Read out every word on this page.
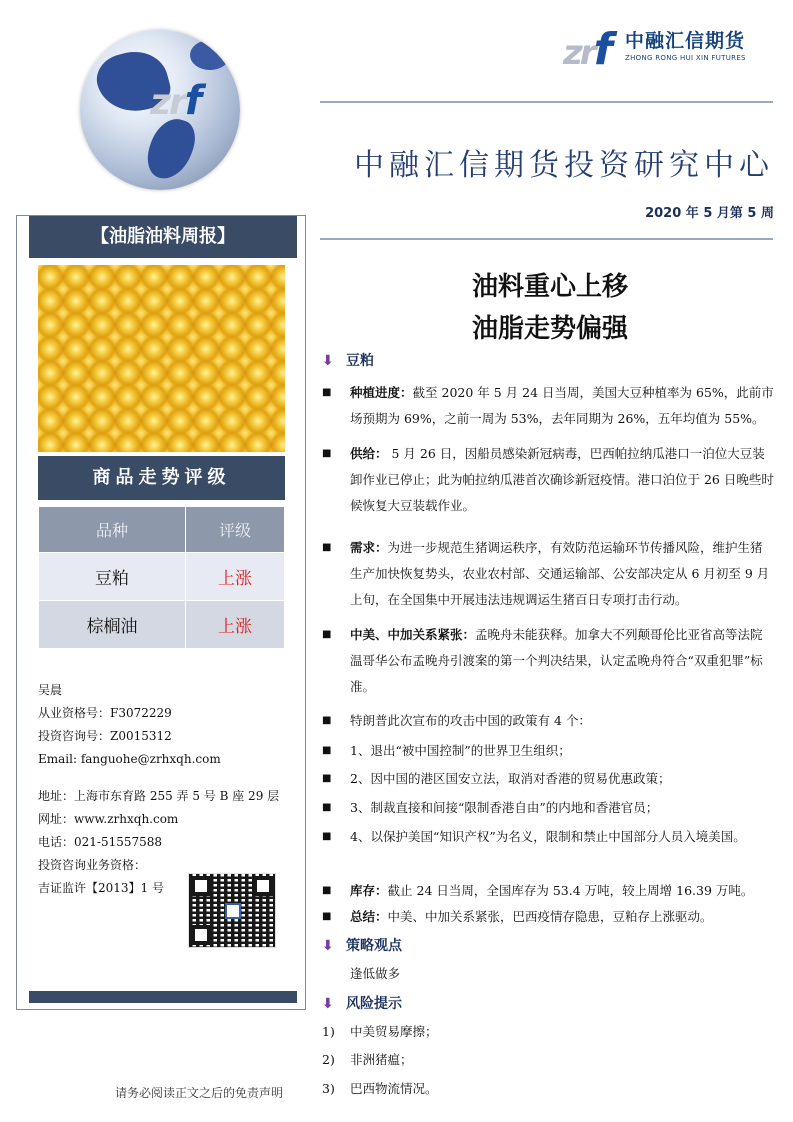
zrf
zrf 中融汇信期货
ZHONG RONG HUI XIN FUTURES
中融汇信期货投资研究中心
2020 年 5 月第 5 周
油料重心上移
油脂走势偏强
【油脂油料周报】
商品走势评级
品种	评级
豆粕	上涨
棕榈油	上涨
吴晨
从业资格号：F3072229
投资咨询号：Z0015312
Email: fanguohe@zrhxqh.com
地址：上海市东育路 255 弄 5 号 B 座 29 层
网址：www.zrhxqh.com
电话：021-51557588
投资咨询业务资格：
吉证监许【2013】1 号
⬇ 豆粕
■ 种植进度：截至 2020 年 5 月 24 日当周，美国大豆种植率为 65%，此前市场预期为 69%，之前一周为 53%，去年同期为 26%，五年均值为 55%。
■ 供给： 5 月 26 日，因船员感染新冠病毒，巴西帕拉纳瓜港口一泊位大豆装卸作业已停止；此为帕拉纳瓜港首次确诊新冠疫情。港口泊位于 26 日晚些时候恢复大豆装载作业。
■ 需求：为进一步规范生猪调运秩序，有效防范运输环节传播风险，维护生猪生产加快恢复势头，农业农村部、交通运输部、公安部决定从 6 月初至 9 月上旬，在全国集中开展违法违规调运生猪百日专项打击行动。
■ 中美、中加关系紧张：孟晚舟未能获释。加拿大不列颠哥伦比亚省高等法院温哥华公布孟晚舟引渡案的第一个判决结果，认定孟晚舟符合“双重犯罪”标准。
■ 特朗普此次宣布的攻击中国的政策有 4 个：
■ 1、退出“被中国控制”的世界卫生组织；
■ 2、因中国的港区国安立法，取消对香港的贸易优惠政策；
■ 3、制裁直接和间接“限制香港自由”的内地和香港官员；
■ 4、以保护美国“知识产权”为名义，限制和禁止中国部分人员入境美国。
■ 库存：截止 24 日当周，全国库存为 53.4 万吨，较上周增 16.39 万吨。
■ 总结：中美、中加关系紧张，巴西疫情存隐患，豆粕存上涨驱动。
⬇ 策略观点
逢低做多
⬇ 风险提示
1) 中美贸易摩擦；
2) 非洲猪瘟；
3) 巴西物流情况。
请务必阅读正文之后的免责声明
